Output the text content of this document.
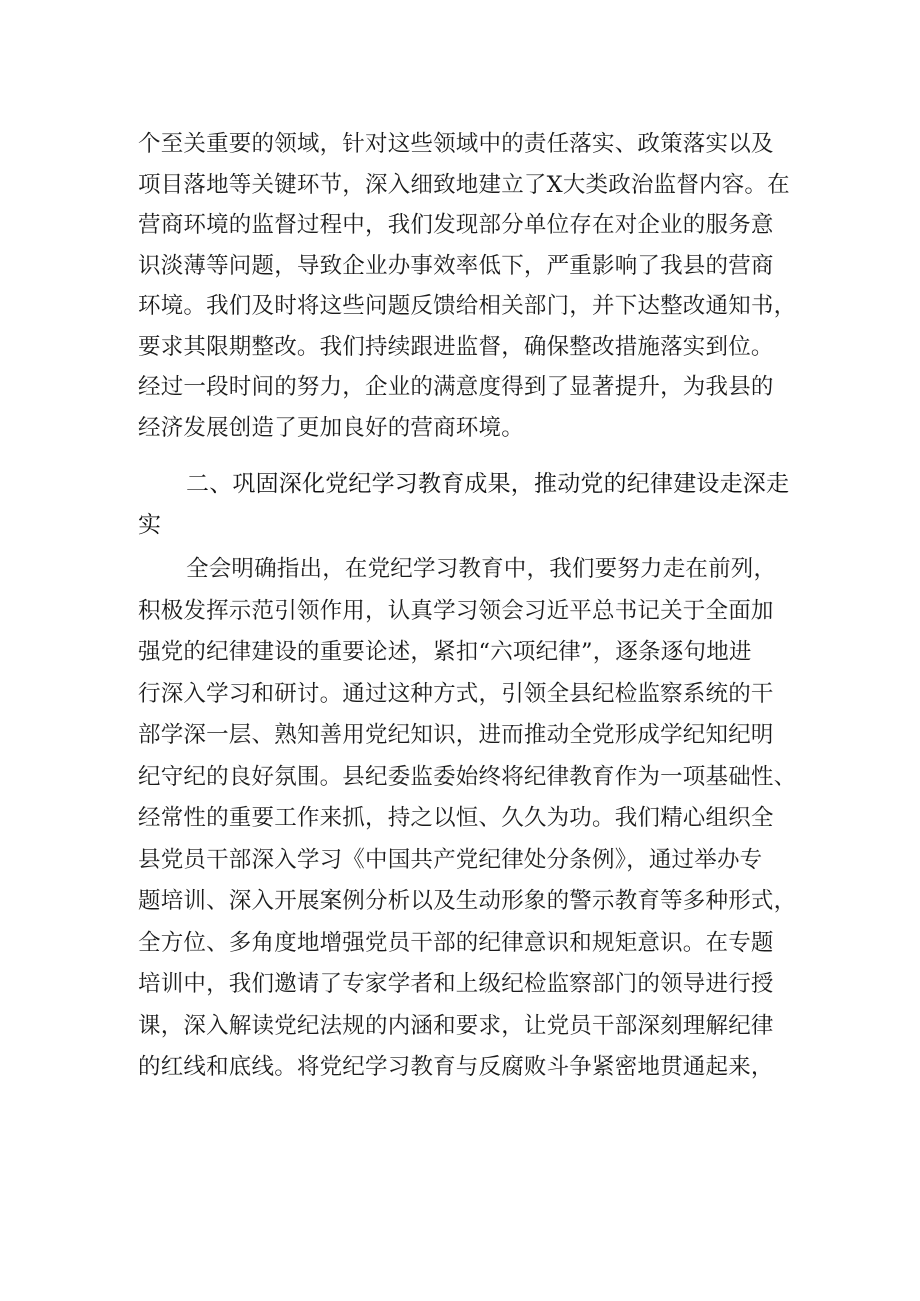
个至关重要的领域，针对这些领域中的责任落实、政策落实以及
项目落地等关键环节，深入细致地建立了X大类政治监督内容。在
营商环境的监督过程中，我们发现部分单位存在对企业的服务意
识淡薄等问题，导致企业办事效率低下，严重影响了我县的营商
环境。我们及时将这些问题反馈给相关部门，并下达整改通知书，
要求其限期整改。我们持续跟进监督，确保整改措施落实到位。
经过一段时间的努力，企业的满意度得到了显著提升，为我县的
经济发展创造了更加良好的营商环境。
二、巩固深化党纪学习教育成果，推动党的纪律建设走深走
实
全会明确指出，在党纪学习教育中，我们要努力走在前列，
积极发挥示范引领作用，认真学习领会习近平总书记关于全面加
强党的纪律建设的重要论述，紧扣“六项纪律”，逐条逐句地进
行深入学习和研讨。通过这种方式，引领全县纪检监察系统的干
部学深一层、熟知善用党纪知识，进而推动全党形成学纪知纪明
纪守纪的良好氛围。县纪委监委始终将纪律教育作为一项基础性、
经常性的重要工作来抓，持之以恒、久久为功。我们精心组织全
县党员干部深入学习《中国共产党纪律处分条例》，通过举办专
题培训、深入开展案例分析以及生动形象的警示教育等多种形式，
全方位、多角度地增强党员干部的纪律意识和规矩意识。在专题
培训中，我们邀请了专家学者和上级纪检监察部门的领导进行授
课，深入解读党纪法规的内涵和要求，让党员干部深刻理解纪律
的红线和底线。将党纪学习教育与反腐败斗争紧密地贯通起来，
